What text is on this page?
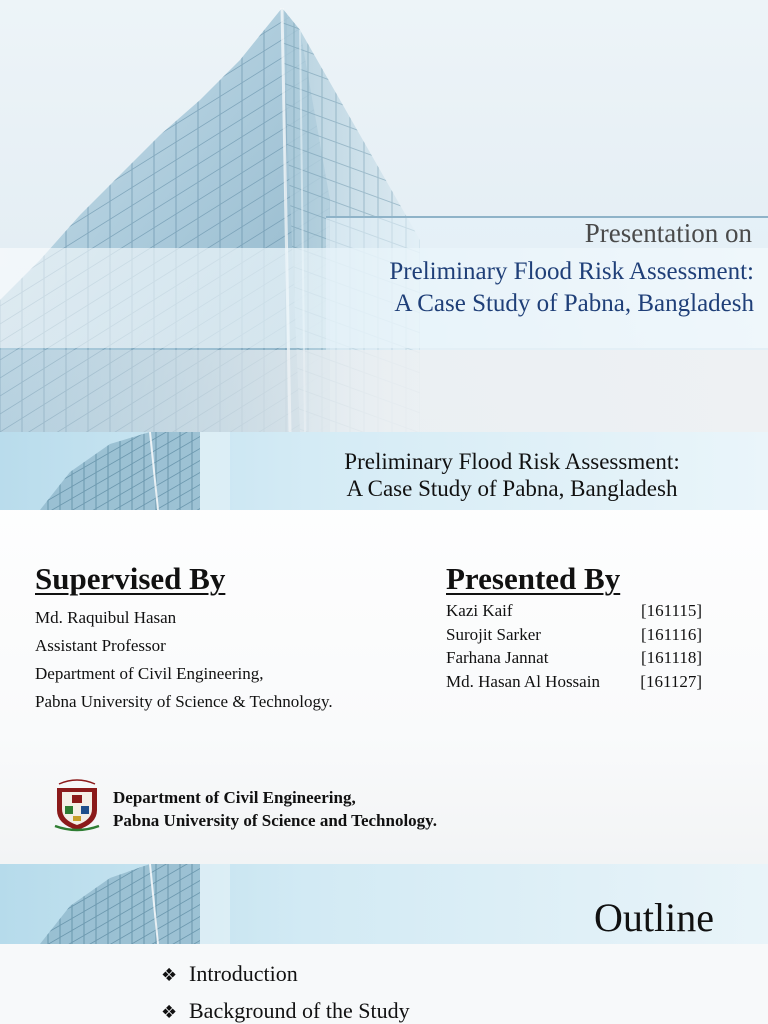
Presentation on
Preliminary Flood Risk Assessment:
A Case Study of Pabna, Bangladesh
Preliminary Flood Risk Assessment:
A Case Study of Pabna, Bangladesh
Supervised By
Md. Raquibul Hasan
Assistant Professor
Department of Civil Engineering,
Pabna University of Science & Technology.
Presented By
Kazi Kaif	[161115]
Surojit Sarker	[161116]
Farhana Jannat	[161118]
Md. Hasan Al Hossain [161127]
Department of Civil Engineering,
Pabna University of Science and Technology.
Outline
❖ Introduction
❖ Background of the Study
